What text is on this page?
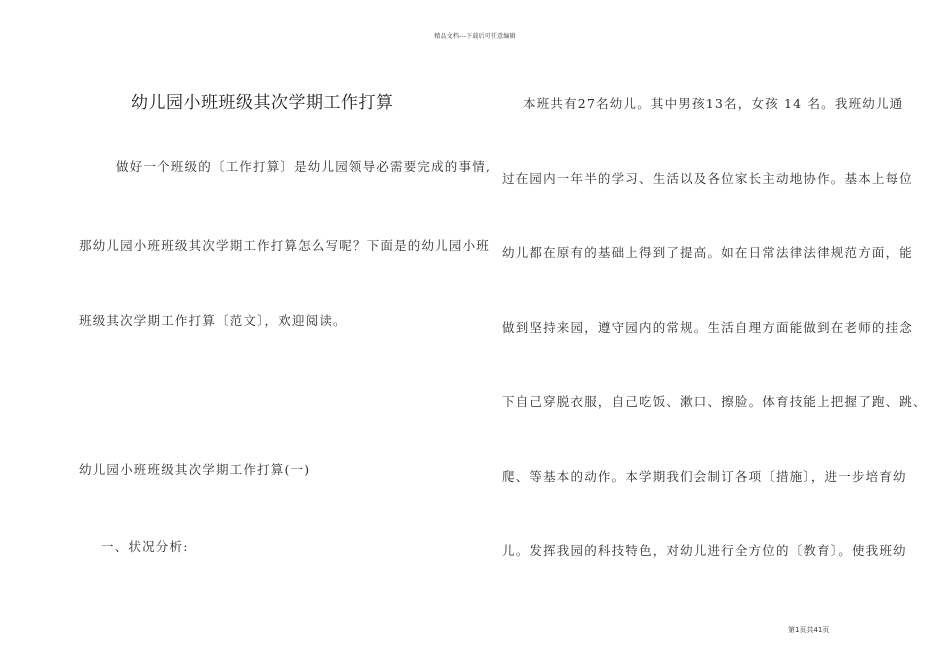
精品文档---下载后可任意编辑
幼儿园小班班级其次学期工作打算
做好一个班级的〔工作打算〕是幼儿园领导必需要完成的事情,
那幼儿园小班班级其次学期工作打算怎么写呢？下面是的幼儿园小班
班级其次学期工作打算〔范文〕，欢迎阅读。
幼儿园小班班级其次学期工作打算(一)
一、状况分析:
本班共有27名幼儿。其中男孩13名，女孩 14 名。我班幼儿通
过在园内一年半的学习、生活以及各位家长主动地协作。基本上每位
幼儿都在原有的基础上得到了提高。如在日常法律法律规范方面，能
做到坚持来园，遵守园内的常规。生活自理方面能做到在老师的挂念
下自己穿脱衣服，自己吃饭、漱口、擦脸。体育技能上把握了跑、跳、
爬、等基本的动作。本学期我们会制订各项〔措施〕，进一步培育幼
儿。发挥我园的科技特色，对幼儿进行全方位的〔教育〕。使我班幼
第1页共41页
